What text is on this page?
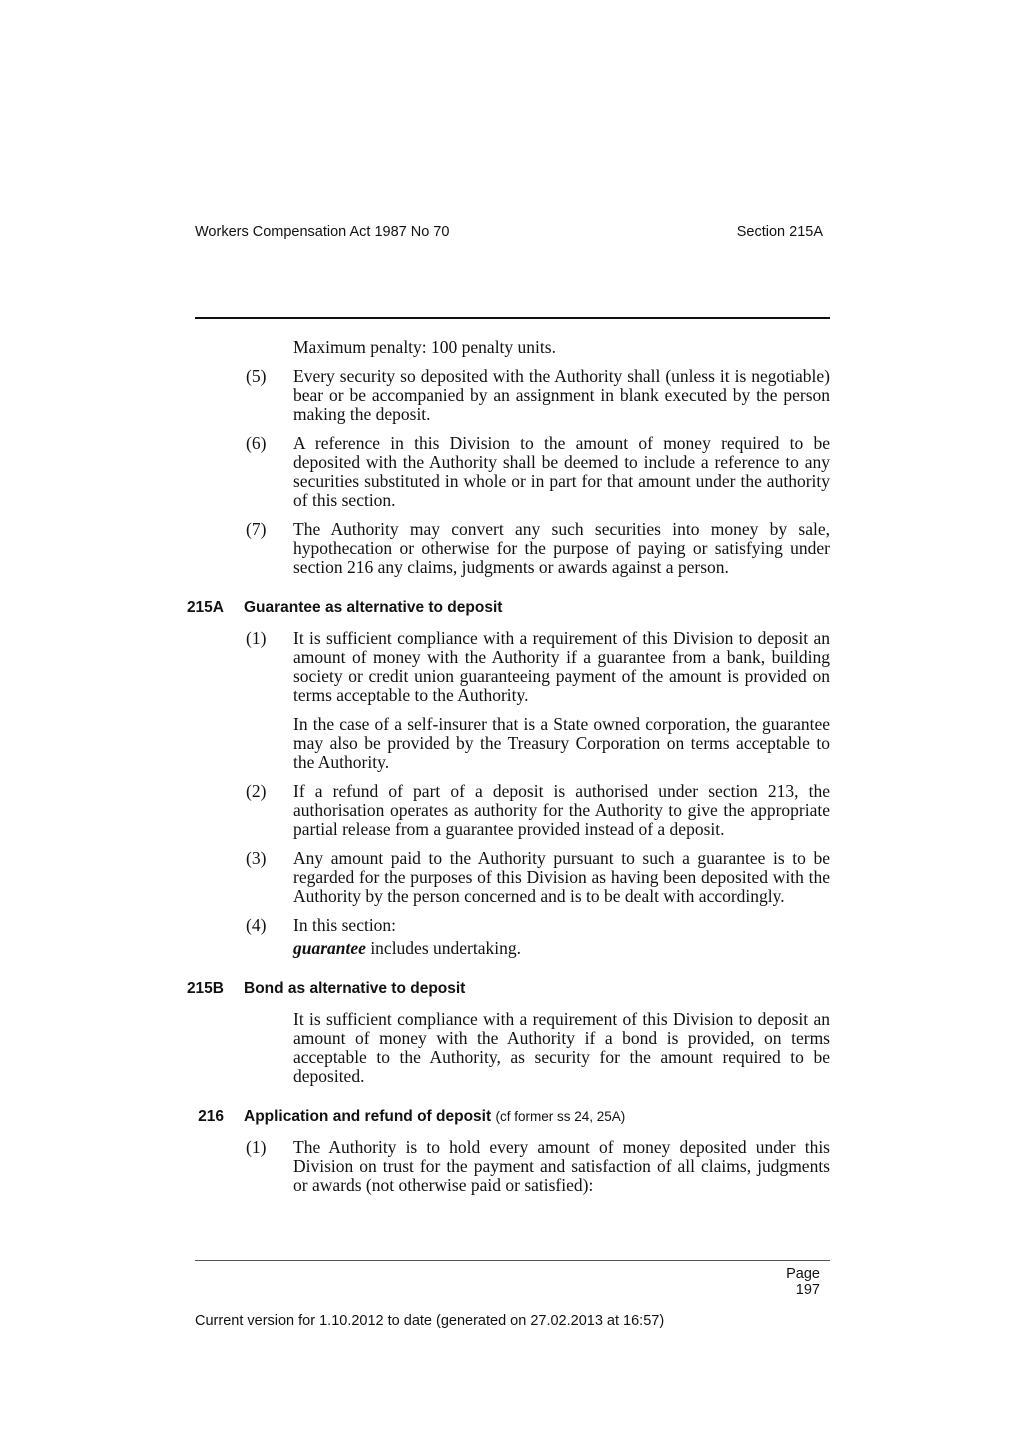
Workers Compensation Act 1987 No 70	Section 215A
Maximum penalty: 100 penalty units.
(5) Every security so deposited with the Authority shall (unless it is negotiable) bear or be accompanied by an assignment in blank executed by the person making the deposit.
(6) A reference in this Division to the amount of money required to be deposited with the Authority shall be deemed to include a reference to any securities substituted in whole or in part for that amount under the authority of this section.
(7) The Authority may convert any such securities into money by sale, hypothecation or otherwise for the purpose of paying or satisfying under section 216 any claims, judgments or awards against a person.
215A Guarantee as alternative to deposit
(1) It is sufficient compliance with a requirement of this Division to deposit an amount of money with the Authority if a guarantee from a bank, building society or credit union guaranteeing payment of the amount is provided on terms acceptable to the Authority.
In the case of a self-insurer that is a State owned corporation, the guarantee may also be provided by the Treasury Corporation on terms acceptable to the Authority.
(2) If a refund of part of a deposit is authorised under section 213, the authorisation operates as authority for the Authority to give the appropriate partial release from a guarantee provided instead of a deposit.
(3) Any amount paid to the Authority pursuant to such a guarantee is to be regarded for the purposes of this Division as having been deposited with the Authority by the person concerned and is to be dealt with accordingly.
(4) In this section:
guarantee includes undertaking.
215B Bond as alternative to deposit
It is sufficient compliance with a requirement of this Division to deposit an amount of money with the Authority if a bond is provided, on terms acceptable to the Authority, as security for the amount required to be deposited.
216 Application and refund of deposit (cf former ss 24, 25A)
(1) The Authority is to hold every amount of money deposited under this Division on trust for the payment and satisfaction of all claims, judgments or awards (not otherwise paid or satisfied):
Page 197
Current version for 1.10.2012 to date (generated on 27.02.2013 at 16:57)
